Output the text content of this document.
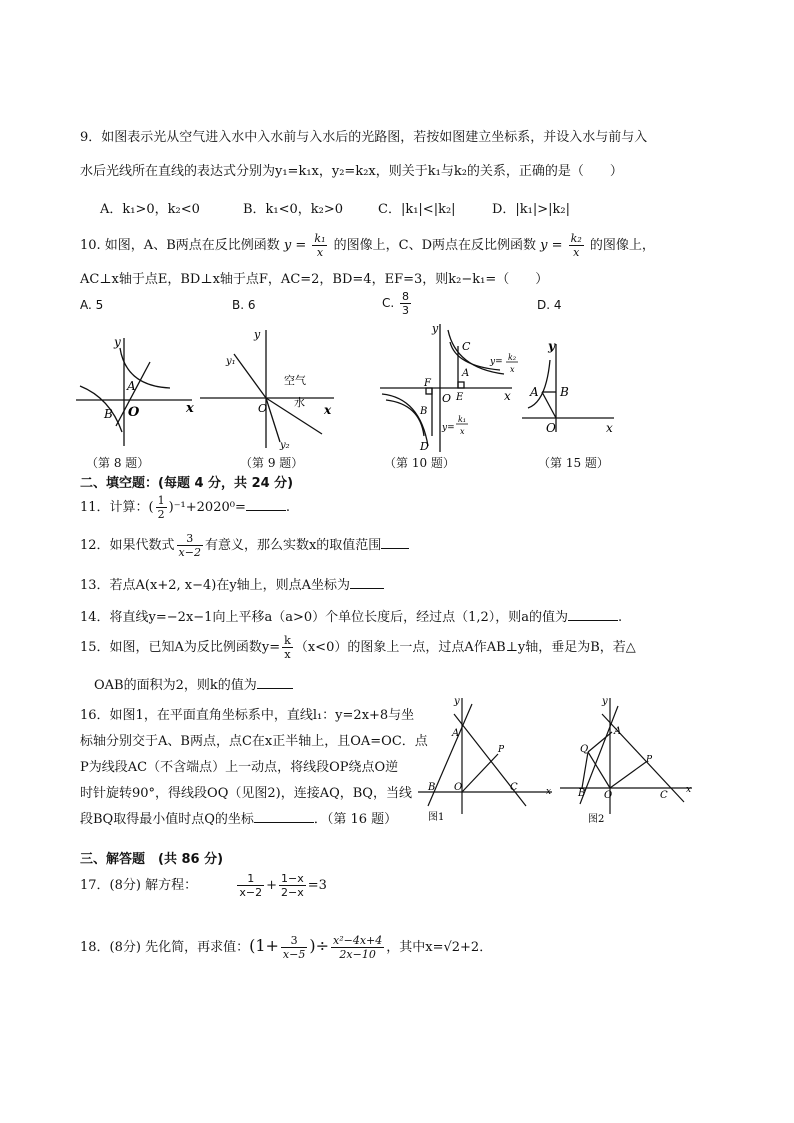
9．如图表示光从空气进入水中入水前与入水后的光路图，若按如图建立坐标系，并设入水与前与入
水后光线所在直线的表达式分别为y₁=k₁x，y₂=k₂x，则关于k₁与k₂的关系，正确的是（　　）
A．k₁>0，k₂<0	B．k₁<0，k₂>0	C．|k₁|<|k₂|	D．|k₁|>|k₂|
10. 如图，A、B两点在反比例函数 $y = \frac{\text{k₁}}{x}$ 的图像上，C、D两点在反比例函数 $y = \frac{\text{k₂}}{x}$ 的图像上，
AC⊥x轴于点E，BD⊥x轴于点F，AC=2，BD=4，EF=3，则k₂−k₁=（　　）
A. 5	B. 6	C. $\frac{8}{3}$	D. 4
y
x
O
A
B
y
x
O
y₁
y₂
空气
水
y
x
O
C
A
E
F
B
D
y= k₂
x
y=
k₁
x
y
x
O
A B
（第 8 题）	（第 9 题）	（第 10 题）	（第 15 题）
二、填空题：(每题 4 分，共 24 分)
11．计算：( $\frac{1}{2} )^{-1}+2020^0=$	.
12．如果代数式 $\frac{3}{x-2}$ 有意义，那么实数x的取值范围
13．若点A(x+2, x−4)在y轴上，则点A坐标为
14．将直线y=−2x−1向上平移a（a>0）个单位长度后，经过点（1,2），则a的值为	.
15．如图，已知A为反比例函数$y= \frac{k}{x} (x<0)$的图象上一点，过点A作AB⊥y轴，垂足为B，若△
OAB的面积为2，则k的值为
16．如图1，在平面直角坐标系中，直线l₁：y=2x+8与坐
标轴分别交于A、B两点，点C在x正半轴上，且OA=OC．点
P为线段AC（不含端点）上一动点，将线段OP绕点O逆
时针旋转90°，得线段OQ（见图2)，连接AQ，BQ，当线
段BQ取得最小值时点Q的坐标	．（第 16 题）
y
x
A
B O	C
P
图1
y
x
A
B O	C
P
Q
图2
三、解答题　(共 86 分)
17．(8分) 解方程：	$\frac{1}{x-2} + \frac{1-x}{2-x} =3$
18．(8分) 先化简，再求值：($1+ \frac{3}{x-5}$ )÷ $\frac{\text{x²−4x+4}}{2x-10}$ ，其中x=√2+2．
